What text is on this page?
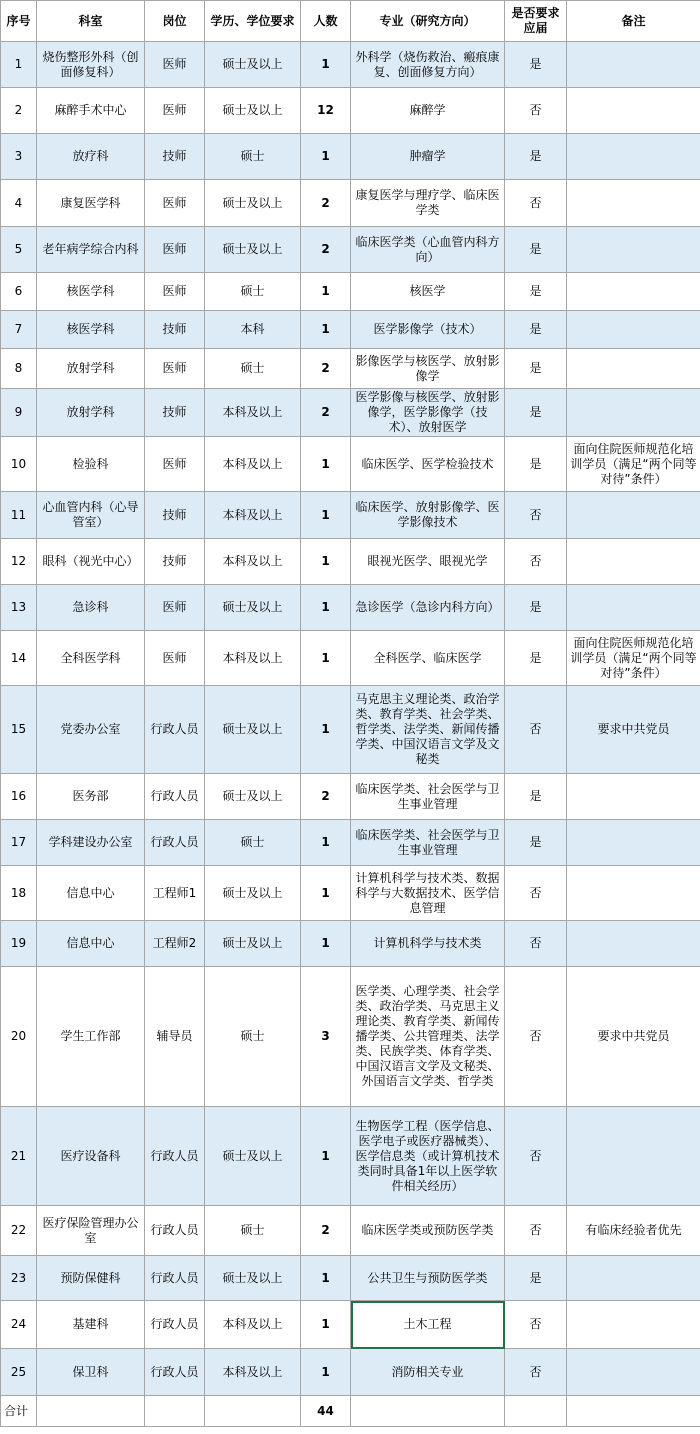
序号	科室	岗位	学历、学位要求	人数	专业（研究方向）	是否要求应届	备注
1	烧伤整形外科（创面修复科）	医师	硕士及以上	1	外科学（烧伤救治、瘢痕康复、创面修复方向）	是	
2	麻醉手术中心	医师	硕士及以上	12	麻醉学	否	
3	放疗科	技师	硕士	1	肿瘤学	是	
4	康复医学科	医师	硕士及以上	2	康复医学与理疗学、临床医学类	否	
5	老年病学综合内科	医师	硕士及以上	2	临床医学类（心血管内科方向）	是	
6	核医学科	医师	硕士	1	核医学	是	
7	核医学科	技师	本科	1	医学影像学（技术）	是	
8	放射学科	医师	硕士	2	影像医学与核医学、放射影像学	是	
9	放射学科	技师	本科及以上	2	医学影像与核医学、放射影像学，医学影像学（技术）、放射医学	是	
10	检验科	医师	本科及以上	1	临床医学、医学检验技术	是	面向住院医师规范化培训学员（满足“两个同等对待”条件）
11	心血管内科（心导管室）	技师	本科及以上	1	临床医学、放射影像学、医学影像技术	否	
12	眼科（视光中心）	技师	本科及以上	1	眼视光医学、眼视光学	否	
13	急诊科	医师	硕士及以上	1	急诊医学（急诊内科方向）	是	
14	全科医学科	医师	本科及以上	1	全科医学、临床医学	是	面向住院医师规范化培训学员（满足“两个同等对待”条件）
15	党委办公室	行政人员	硕士及以上	1	马克思主义理论类、政治学类、教育学类、社会学类、哲学类、法学类、新闻传播学类、中国汉语言文学及文秘类	否	要求中共党员
16	医务部	行政人员	硕士及以上	2	临床医学类、社会医学与卫生事业管理	是	
17	学科建设办公室	行政人员	硕士	1	临床医学类、社会医学与卫生事业管理	是	
18	信息中心	工程师1	硕士及以上	1	计算机科学与技术类、数据科学与大数据技术、医学信息管理	否	
19	信息中心	工程师2	硕士及以上	1	计算机科学与技术类	否	
20	学生工作部	辅导员	硕士	3	医学类、心理学类、社会学类、政治学类、马克思主义理论类、教育学类、新闻传播学类、公共管理类、法学类、民族学类、体育学类、中国汉语言文学及文秘类、外国语言文学类、哲学类	否	要求中共党员
21	医疗设备科	行政人员	硕士及以上	1	生物医学工程（医学信息、医学电子或医疗器械类）、医学信息类（或计算机技术类同时具备1年以上医学软件相关经历）	否	
22	医疗保险管理办公室	行政人员	硕士	2	临床医学类或预防医学类	否	有临床经验者优先
23	预防保健科	行政人员	硕士及以上	1	公共卫生与预防医学类	是	
24	基建科	行政人员	本科及以上	1	土木工程	否	
25	保卫科	行政人员	本科及以上	1	消防相关专业	否	
合计				44			
